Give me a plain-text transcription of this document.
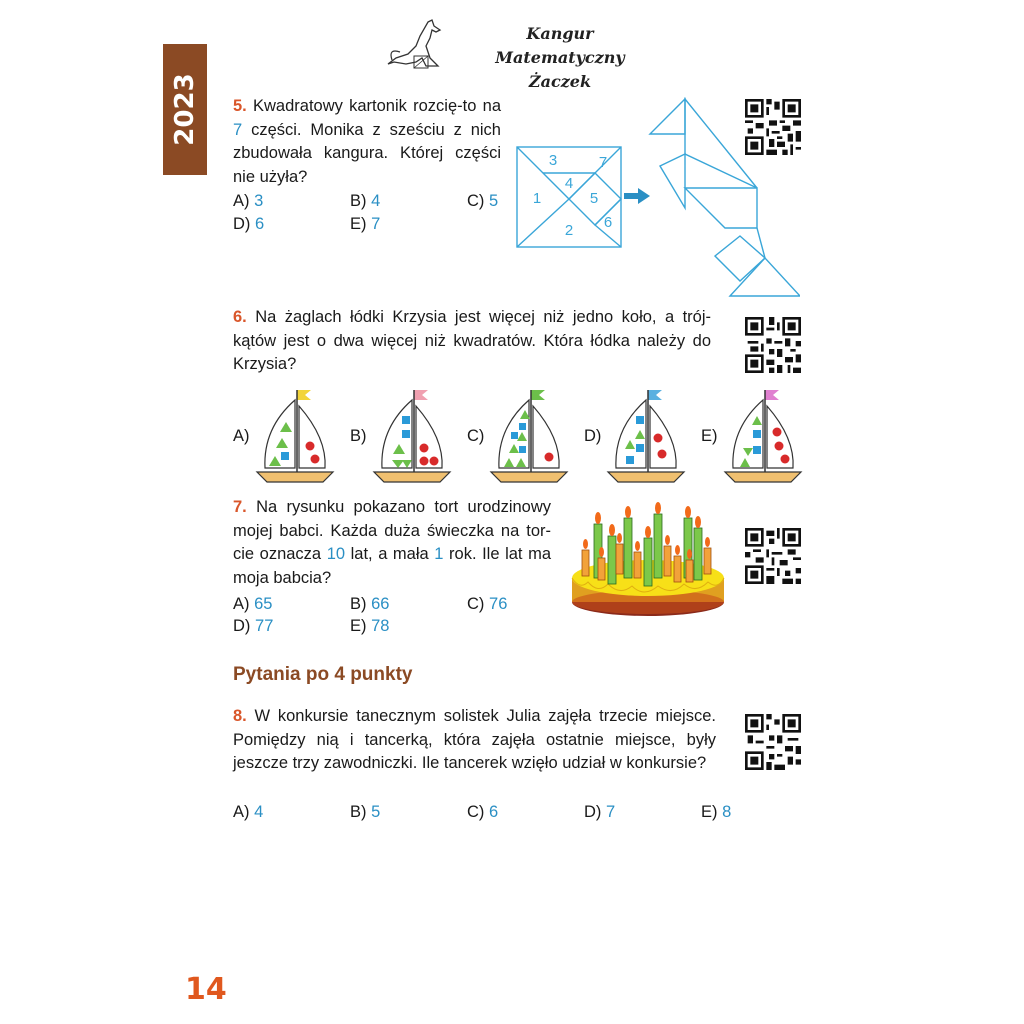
2023
Kangur Matematyczny
Żaczek
5. Kwadratowy kartonik rozcię-to na 7 części. Monika z sześciu z nich zbudowała kangura. Której części nie użyła?
A) 3	B) 4	C) 5
D) 6	E) 7
3	7
4
1	5
2 6
6. Na żaglach łódki Krzysia jest więcej niż jedno koło, a trój-kątów jest o dwa więcej niż kwadratów. Która łódka należy do Krzysia?
A)	B)	C)	D)	E)
7. Na rysunku pokazano tort urodzinowy mojej babci. Każda duża świeczka na tor-cie oznacza 10 lat, a mała 1 rok. Ile lat ma moja babcia?
A) 65	B) 66	C) 76
D) 77	E) 78
Pytania po 4 punkty
8. W konkursie tanecznym solistek Julia zajęła trzecie miejsce. Pomiędzy nią i tancerką, która zajęła ostatnie miejsce, były jeszcze trzy zawodniczki. Ile tancerek wzięło udział w konkursie?
A) 4	B) 5	C) 6	D) 7	E) 8
14
